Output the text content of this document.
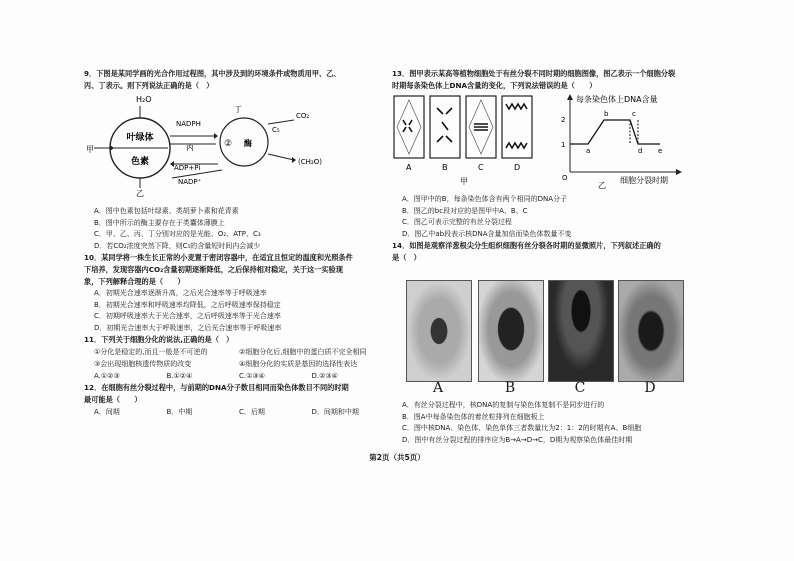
9．下图是某同学画的光合作用过程图，其中涉及到的环境条件或物质用甲、乙、

丙、丁表示。则下列说法正确的是（　）

叶绿体
色素
H₂O
甲
乙
NADPH
丙	② 酶
丁
C₅
CO₂
ADP+Pi
NADP⁺
(CH₂O)

A．图中色素包括叶绿素、类胡萝卜素和花青素

B．图中所示的酶主要存在于类囊体薄膜上

C．甲、乙、丙、丁分别对应的是光能、O₂、ATP、C₃

D．若CO₂浓度突然下降，则C₅的含量短时间内会减少

10．某同学将一株生长正常的小麦置于密闭容器中，在适宜且恒定的温度和光照条件

下培养，发现容器内CO₂含量初期逐渐降低，之后保持相对稳定，关于这一实验现

象，下列解释合理的是（　　）

A．初期光合速率逐渐升高，之后光合速率等于呼吸速率

B．初期光合速率和呼吸速率均降低，之后呼吸速率保持稳定

C．初期呼吸速率大于光合速率，之后呼吸速率等于光合速率

D．初期光合速率大于呼吸速率，之后光合速率等于呼吸速率

11．下列关于细胞分化的说法,正确的是（　）

①分化是稳定的,而且一般是不可逆的	②细胞分化后,细胞中的蛋白质不完全相同
③会出现细胞核遗传物质的改变	④细胞分化的实质是基因的选择性表达
A.①②③	B.①②④	C.①③④	D.②③④

12．在细胞有丝分裂过程中，与前期的DNA分子数目相同而染色体数目不同的时期

最可能是（　　）

A．间期	B．中期	C．后期	D．间期和中期

13．图甲表示某高等植物细胞处于有丝分裂不同时期的细胞图像，图乙表示一个细胞分裂

时期每条染色体上DNA含量的变化，下列说法错误的是（　　）

A	B	C	D
甲
每条染色体上DNA含量
2
1
O
a
b	c
d e
细胞分裂时期
乙

A．图甲中的B，每条染色体含有两个相同的DNA分子

B．图乙的bc段对应的是图甲中A、B、C

C．图乙可表示完整的有丝分裂过程

D．图乙中ab段表示核DNA含量加倍而染色体数量不变

14．如图是观察洋葱根尖分生组织细胞有丝分裂各时期的显微照片，下列叙述正确的

是（　）

A	B	C	D

A．有丝分裂过程中，核DNA的复制与染色体复制不是同步进行的

B．图A中每条染色体的着丝粒排列在细胞板上

C．图中核DNA、染色体、染色单体三者数量比为2：1：2的时期有A、B细胞

D．图中有丝分裂过程的排序应为B→A→D→C，D期为观察染色体最佳时期

第2页（共5页）
